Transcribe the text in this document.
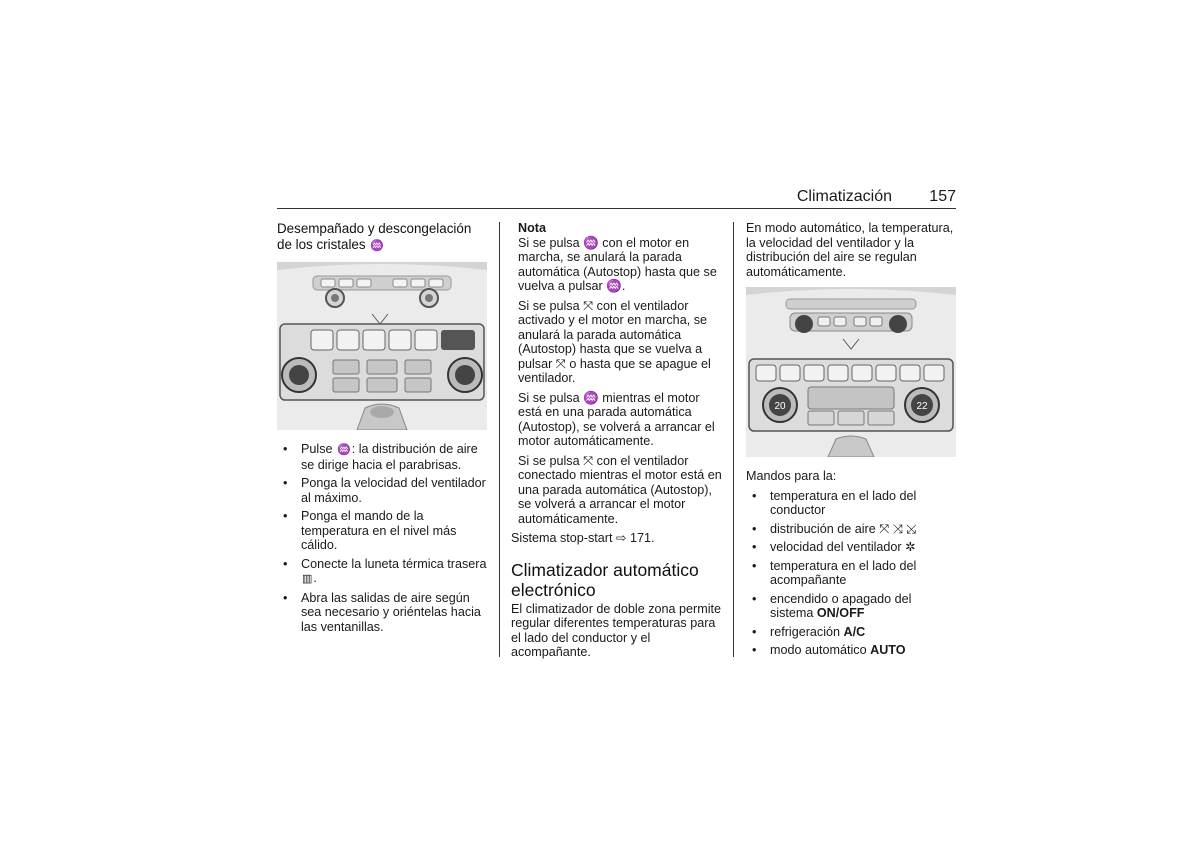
Climatización 157
Desempañado y descongelación de los cristales ♒
• Pulse ♒: la distribución de aire se dirige hacia el parabrisas.
• Ponga la velocidad del ventilador al máximo.
• Ponga el mando de la temperatura en el nivel más cálido.
• Conecte la luneta térmica trasera ▥.
• Abra las salidas de aire según sea necesario y oriéntelas hacia las ventanillas.
Nota

Si se pulsa ♒ con el motor en marcha, se anulará la parada automática (Autostop) hasta que se vuelva a pulsar ♒.

Si se pulsa ⤧ con el ventilador activado y el motor en marcha, se anulará la parada automática (Autostop) hasta que se vuelva a pulsar ⤧ o hasta que se apague el ventilador.

Si se pulsa ♒ mientras el motor está en una parada automática (Autostop), se volverá a arrancar el motor automáticamente.

Si se pulsa ⤧ con el ventilador conectado mientras el motor está en una parada automática (Autostop), se volverá a arrancar el motor automáticamente.

Sistema stop-start ⇨ 171.

Climatizador automático electrónico

El climatizador de doble zona permite regular diferentes temperaturas para el lado del conductor y el acompañante.

En modo automático, la temperatura, la velocidad del ventilador y la distribución del aire se regulan automáticamente.

20	22

Mandos para la:

• temperatura en el lado del conductor
• distribución de aire ⤧ ⤨ ⤩
• velocidad del ventilador ✲
• temperatura en el lado del acompañante
• encendido o apagado del sistema ON/OFF
• refrigeración A/C
• modo automático AUTO
